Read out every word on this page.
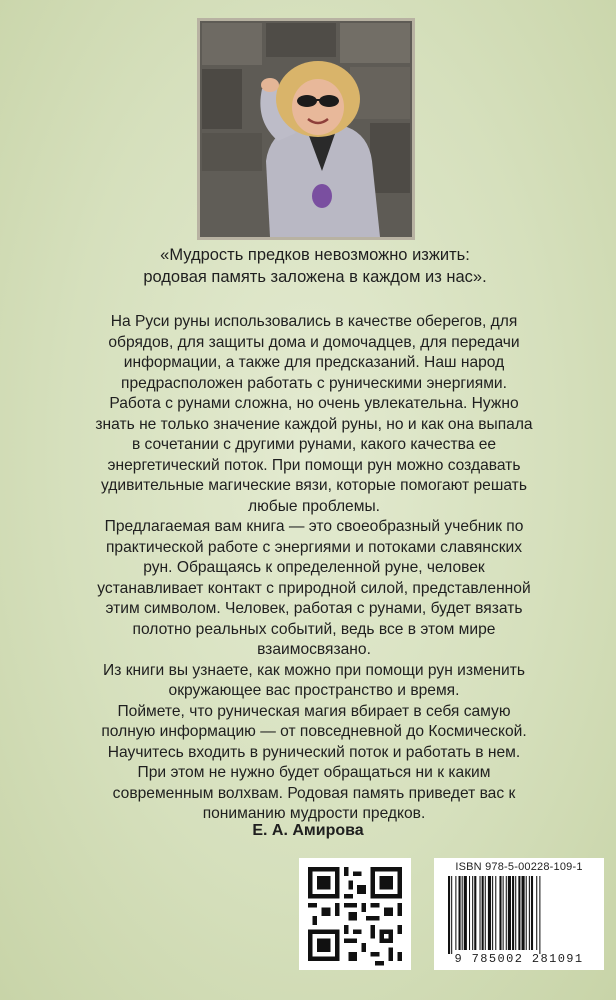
«Мудрость предков невозможно изжить:
родовая память заложена в каждом из нас».

На Руси руны использовались в качестве оберегов, для обрядов, для защиты дома и домочадцев, для передачи информации, а также для предсказаний. Наш народ предрасположен работать с руническими энергиями. Работа с рунами сложна, но очень увлекательна. Нужно знать не только значение каждой руны, но и как она выпала в сочетании с другими рунами, какого качества ее энергетический поток. При помощи рун можно создавать удивительные магические вязи, которые помогают решать любые проблемы.

Предлагаемая вам книга — это своеобразный учебник по практической работе с энергиями и потоками славянских рун. Обращаясь к определенной руне, человек устанавливает контакт с природной силой, представленной этим символом. Человек, работая с рунами, будет вязать полотно реальных событий, ведь все в этом мире взаимосвязано.

Из книги вы узнаете, как можно при помощи рун изменить окружающее вас пространство и время.

Поймете, что руническая магия вбирает в себя самую полную информацию — от повседневной до Космической.

Научитесь входить в рунический поток и работать в нем.

При этом не нужно будет обращаться ни к каким современным волхвам. Родовая память приведет вас к пониманию мудрости предков.

Е. А. Амирова
ISBN 978-5-00228-109-1
9 785002 281091
